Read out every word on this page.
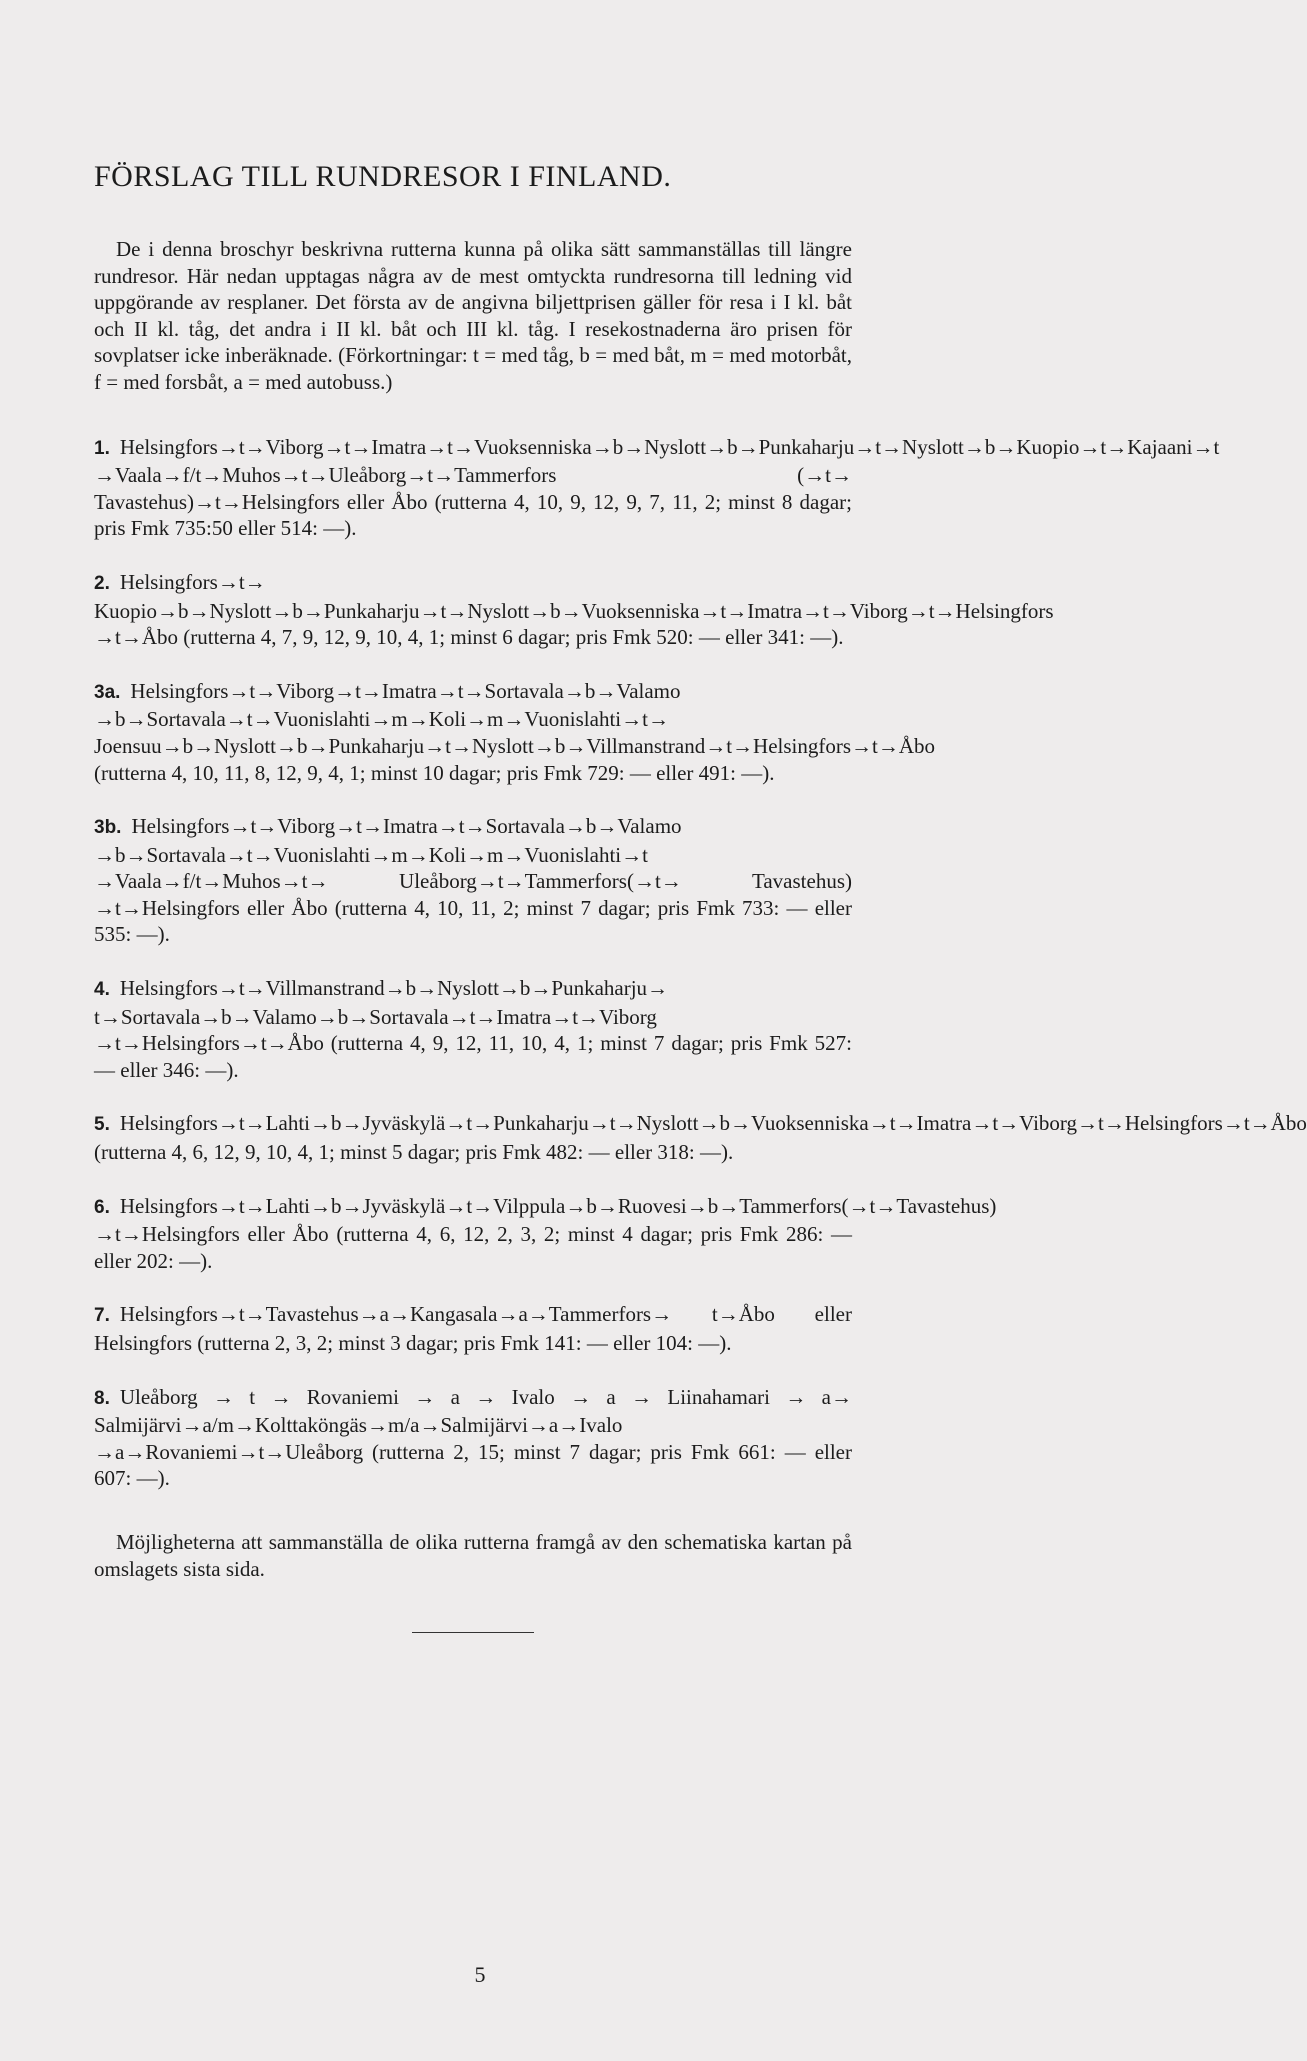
FÖRSLAG TILL RUNDRESOR I FINLAND.

De i denna broschyr beskrivna rutterna kunna på olika sätt sammanställas till längre rundresor. Här nedan upptagas några av de mest omtyckta rundresorna till ledning vid uppgörande av resplaner. Det första av de angivna biljettprisen gäller för resa i I kl. båt och II kl. tåg, det andra i II kl. båt och III kl. tåg. I resekostnaderna äro prisen för sovplatser icke inberäknade. (Förkortningar: t = med tåg, b = med båt, m = med motorbåt, f = med forsbåt, a = med autobuss.)

1. Helsingfors→t→Viborg→t→Imatra→t→Vuoksenniska→b→Nyslott→b→Punkaharju→t→Nyslott→b→Kuopio→t→Kajaani→t →Vaala→f/t→Muhos→t→Uleåborg→t→Tammerfors (→t→ Tavastehus)→t→Helsingfors eller Åbo (rutterna 4, 10, 9, 12, 9, 7, 11, 2; minst 8 dagar; pris Fmk 735:50 eller 514: —).

2. Helsingfors→t→ Kuopio→b→Nyslott→b→Punkaharju→t→Nyslott→b→Vuoksenniska→t→Imatra→t→Viborg→t→Helsingfors →t→Åbo (rutterna 4, 7, 9, 12, 9, 10, 4, 1; minst 6 dagar; pris Fmk 520: — eller 341: —).

3a. Helsingfors→t→Viborg→t→Imatra→t→Sortavala→b→Valamo →b→Sortavala→t→Vuonislahti→m→Koli→m→Vuonislahti→t→ Joensuu→b→Nyslott→b→Punkaharju→t→Nyslott→b→Villmanstrand→t→Helsingfors→t→Åbo (rutterna 4, 10, 11, 8, 12, 9, 4, 1; minst 10 dagar; pris Fmk 729: — eller 491: —).

3b. Helsingfors→t→Viborg→t→Imatra→t→Sortavala→b→Valamo →b→Sortavala→t→Vuonislahti→m→Koli→m→Vuonislahti→t →Vaala→f/t→Muhos→t→ Uleåborg→t→Tammerfors(→t→ Tavastehus) →t→Helsingfors eller Åbo (rutterna 4, 10, 11, 2; minst 7 dagar; pris Fmk 733: — eller 535: —).

4. Helsingfors→t→Villmanstrand→b→Nyslott→b→Punkaharju→ t→Sortavala→b→Valamo→b→Sortavala→t→Imatra→t→Viborg →t→Helsingfors→t→Åbo (rutterna 4, 9, 12, 11, 10, 4, 1; minst 7 dagar; pris Fmk 527: — eller 346: —).

5. Helsingfors→t→Lahti→b→Jyväskylä→t→Punkaharju→t→Nyslott→b→Vuoksenniska→t→Imatra→t→Viborg→t→Helsingfors→t→Åbo (rutterna 4, 6, 12, 9, 10, 4, 1; minst 5 dagar; pris Fmk 482: — eller 318: —).

6. Helsingfors→t→Lahti→b→Jyväskylä→t→Vilppula→b→Ruovesi→b→Tammerfors(→t→Tavastehus) →t→Helsingfors eller Åbo (rutterna 4, 6, 12, 2, 3, 2; minst 4 dagar; pris Fmk 286: — eller 202: —).

7. Helsingfors→t→Tavastehus→a→Kangasala→a→Tammerfors→ t→Åbo eller Helsingfors (rutterna 2, 3, 2; minst 3 dagar; pris Fmk 141: — eller 104: —).

8. Uleåborg → t → Rovaniemi → a → Ivalo → a → Liinahamari → a→ Salmijärvi→a/m→Kolttaköngäs→m/a→Salmijärvi→a→Ivalo →a→Rovaniemi→t→Uleåborg (rutterna 2, 15; minst 7 dagar; pris Fmk 661: — eller 607: —).

Möjligheterna att sammanställa de olika rutterna framgå av den schematiska kartan på omslagets sista sida.

5
